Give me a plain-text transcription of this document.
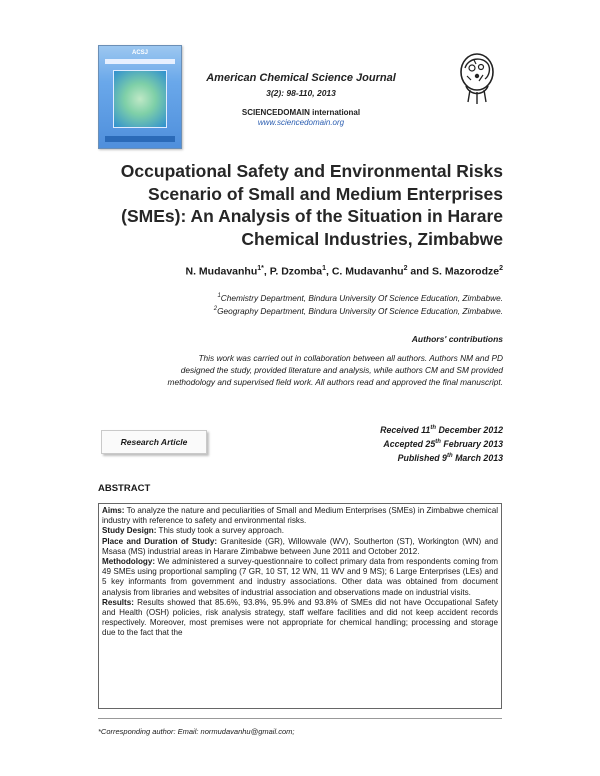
ACSJ
American Chemical Science Journal
3(2): 98-110, 2013
SCIENCEDOMAIN international
www.sciencedomain.org
Occupational Safety and Environmental Risks
Scenario of Small and Medium Enterprises
(SMEs): An Analysis of the Situation in Harare
Chemical Industries, Zimbabwe
N. Mudavanhu$^{1*}$, P. Dzomba$^1$, C. Mudavanhu$^2$ and S. Mazorodze$^2$
$^1$Chemistry Department, Bindura University Of Science Education, Zimbabwe.
$^2$Geography Department, Bindura University Of Science Education, Zimbabwe.
Authors' contributions
This work was carried out in collaboration between all authors. Authors NM and PD
designed the study, provided literature and analysis, while authors CM and SM provided
methodology and supervised field work. All authors read and approved the final manuscript.
Research Article
Received 11th December 2012
Accepted 25th February 2013
Published 9th March 2013
ABSTRACT

Aims: To analyze the nature and peculiarities of Small and Medium Enterprises (SMEs) in Zimbabwe chemical industry with reference to safety and environmental risks.

Study Design: This study took a survey approach.

Place and Duration of Study: Graniteside (GR), Willowvale (WV), Southerton (ST), Workington (WN) and Msasa (MS) industrial areas in Harare Zimbabwe between June 2011 and October 2012.

Methodology: We administered a survey-questionnaire to collect primary data from respondents coming from 49 SMEs using proportional sampling (7 GR, 10 ST, 12 WN, 11 WV and 9 MS); 6 Large Enterprises (LEs) and 5 key informants from government and industry associations. Other data was obtained from document analysis from libraries and websites of industrial association and observations made on industrial visits.

Results: Results showed that 85.6%, 93.8%, 95.9% and 93.8% of SMEs did not have Occupational Safety and Health (OSH) policies, risk analysis strategy, staff welfare facilities and did not keep accident records respectively. Moreover, most premises were not appropriate for chemical handling; processing and storage due to the fact that the

*Corresponding author: Email: normudavanhu@gmail.com;
